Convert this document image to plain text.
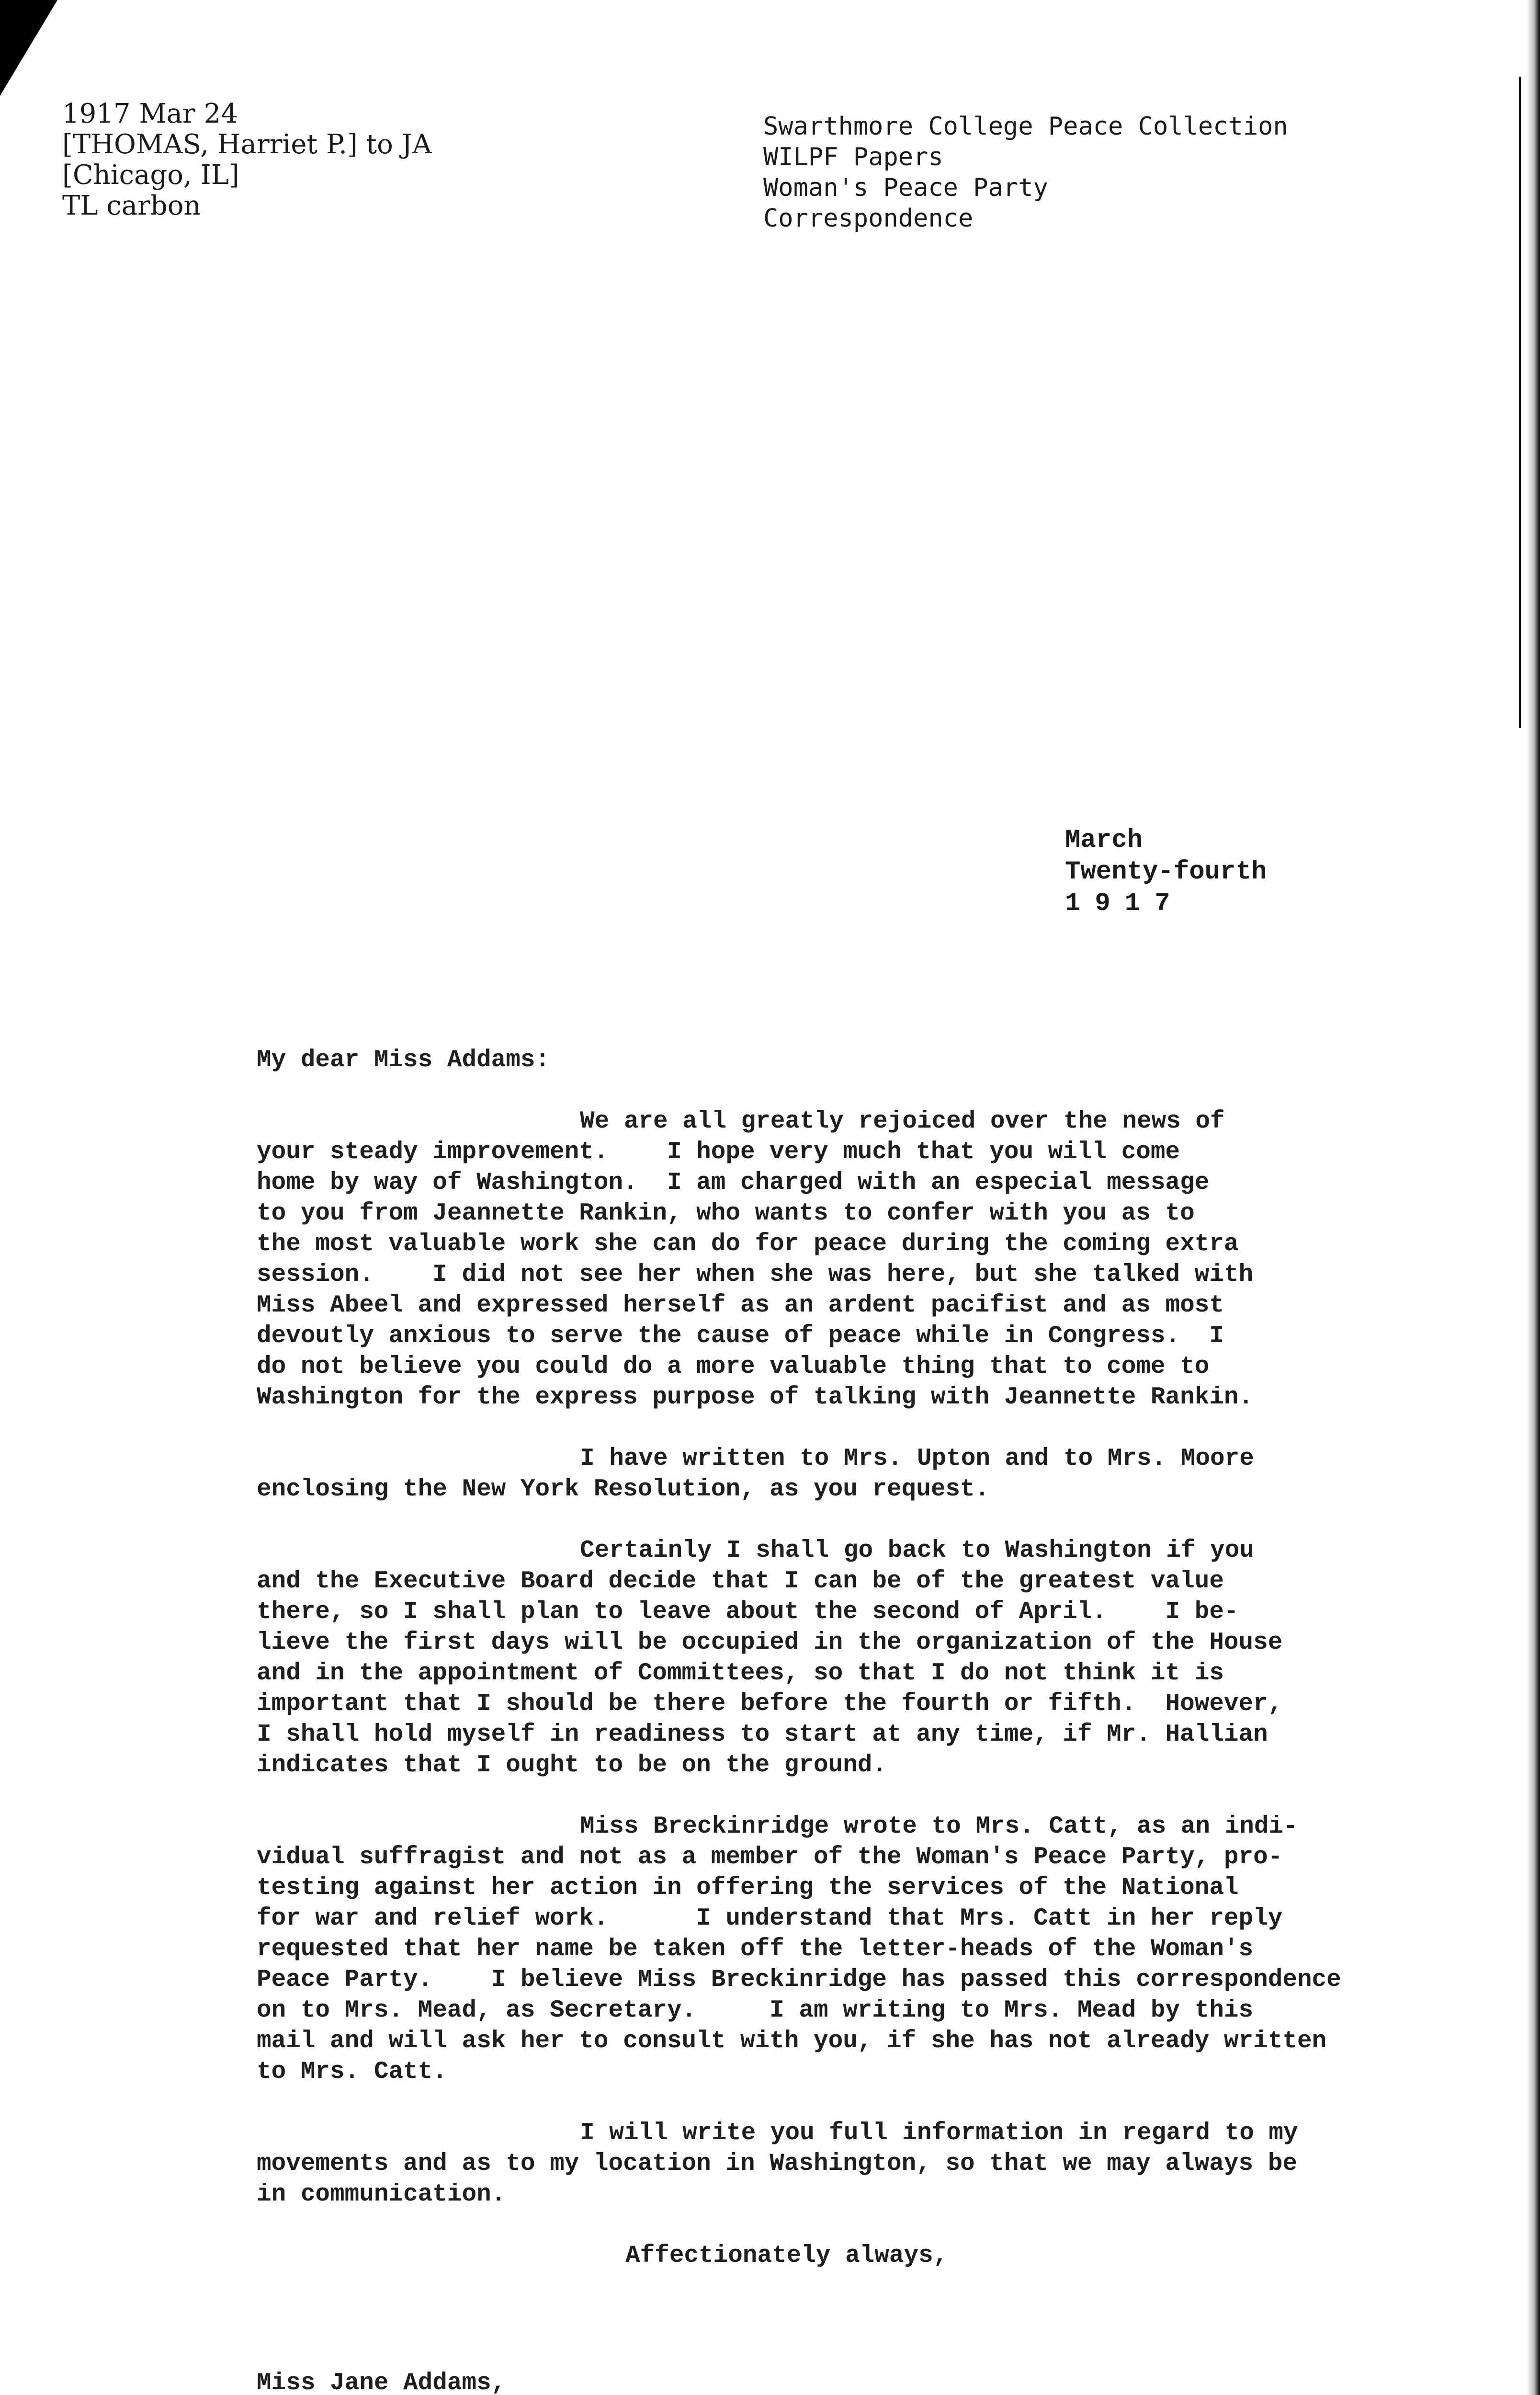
1917 Mar 24
[THOMAS, Harriet P.] to JA
[Chicago, IL]
TL carbon
Swarthmore College Peace Collection
WILPF Papers
Woman's Peace Party
Correspondence
March
Twenty-fourth
1917
My dear Miss Addams:
We are all greatly rejoiced over the news of
your steady improvement.    I hope very much that you will come
home by way of Washington.  I am charged with an especial message
to you from Jeannette Rankin, who wants to confer with you as to
the most valuable work she can do for peace during the coming extra
session.    I did not see her when she was here, but she talked with
Miss Abeel and expressed herself as an ardent pacifist and as most
devoutly anxious to serve the cause of peace while in Congress.  I
do not believe you could do a more valuable thing that to come to
Washington for the express purpose of talking with Jeannette Rankin.
I have written to Mrs. Upton and to Mrs. Moore
enclosing the New York Resolution, as you request.
Certainly I shall go back to Washington if you
and the Executive Board decide that I can be of the greatest value
there, so I shall plan to leave about the second of April.    I be-
lieve the first days will be occupied in the organization of the House
and in the appointment of Committees, so that I do not think it is
important that I should be there before the fourth or fifth.  However,
I shall hold myself in readiness to start at any time, if Mr. Hallian
indicates that I ought to be on the ground.
Miss Breckinridge wrote to Mrs. Catt, as an indi-
vidual suffragist and not as a member of the Woman's Peace Party, pro-
testing against her action in offering the services of the National
for war and relief work.      I understand that Mrs. Catt in her reply
requested that her name be taken off the letter-heads of the Woman's
Peace Party.    I believe Miss Breckinridge has passed this correspondence
on to Mrs. Mead, as Secretary.     I am writing to Mrs. Mead by this
mail and will ask her to consult with you, if she has not already written
to Mrs. Catt.
I will write you full information in regard to my
movements and as to my location in Washington, so that we may always be
in communication.
Affectionately always,
Miss Jane Addams,
